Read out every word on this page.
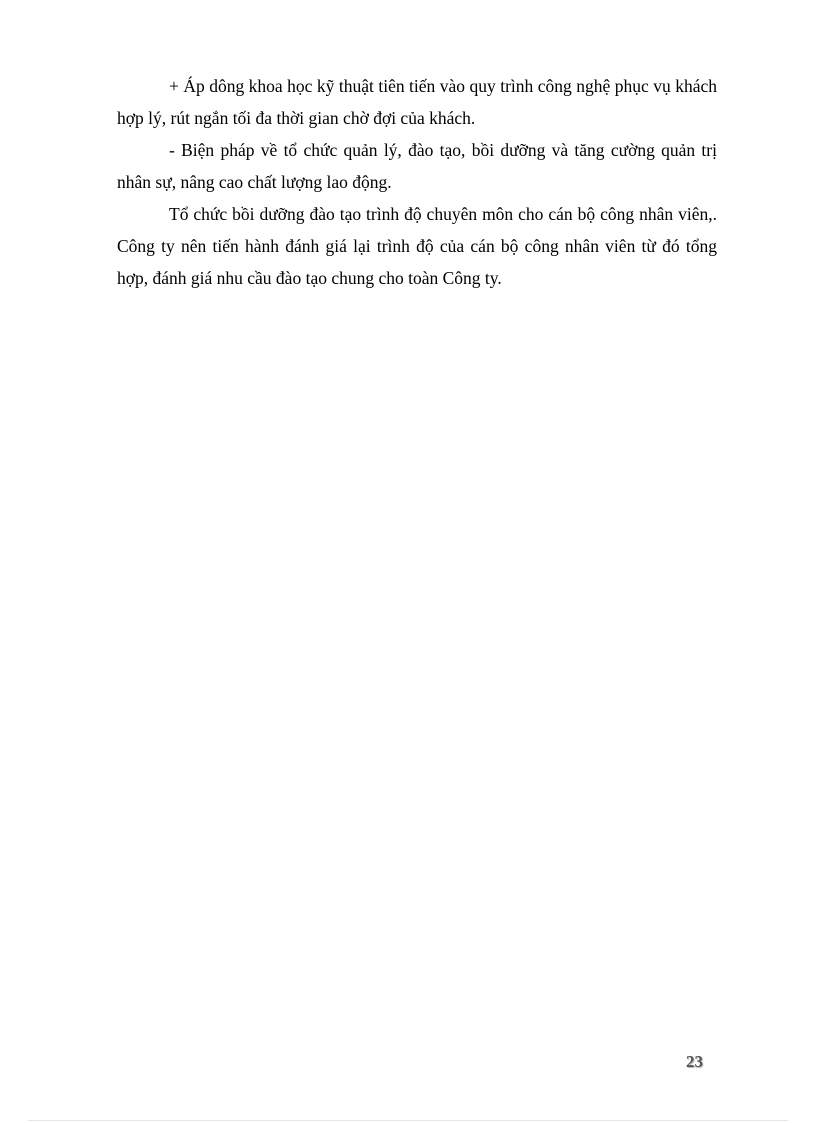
+ Áp dông khoa học kỹ thuật tiên tiến vào quy trình công nghệ phục vụ khách hợp lý, rút ngắn tối đa thời gian chờ đợi của khách.

- Biện pháp về tổ chức quản lý, đào tạo, bồi dưỡng và tăng cường quản trị nhân sự, nâng cao chất lượng lao động.

Tổ chức bồi dưỡng đào tạo trình độ chuyên môn cho cán bộ công nhân viên,. Công ty nên tiến hành đánh giá lại trình độ của cán bộ công nhân viên từ đó tổng hợp, đánh giá nhu cầu đào tạo chung cho toàn Công ty.

23
